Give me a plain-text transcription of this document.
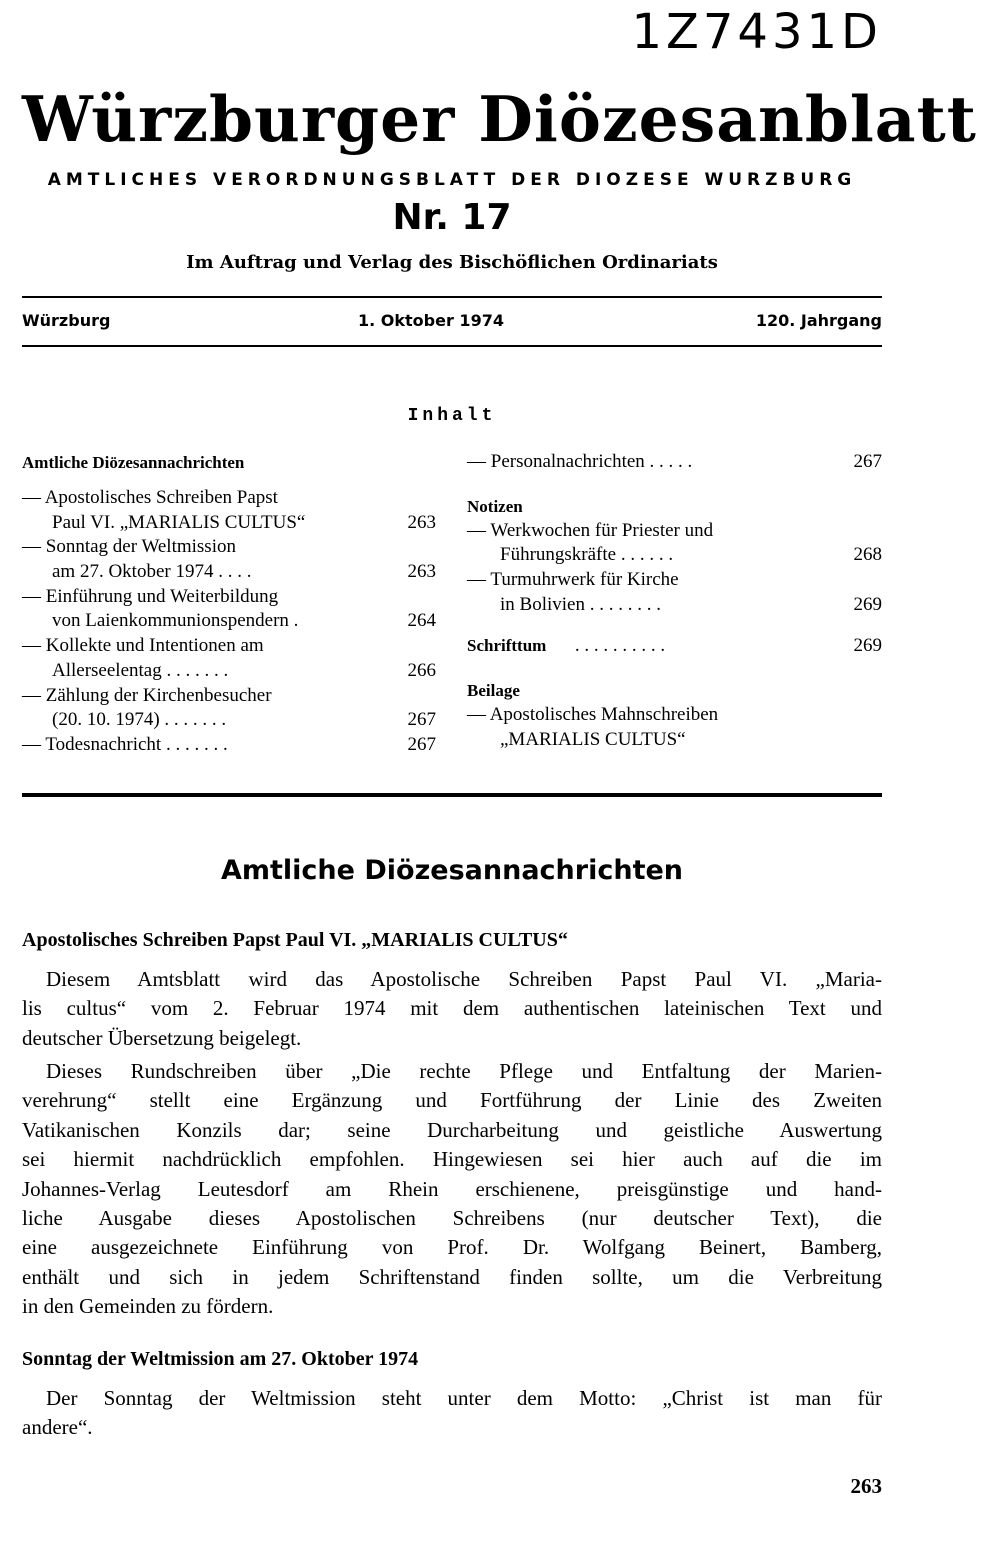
1Z7431D
Würzburger Diözesanblatt
AMTLICHES VERORDNUNGSBLATT DER DIOZESE WURZBURG
Nr. 17
Im Auftrag und Verlag des Bischöflichen Ordinariats
Würzburg	1. Oktober 1974	120. Jahrgang
Inhalt
Amtliche Diözesannachrichten
— Apostolisches Schreiben Papst
Paul VI. „MARIALIS CULTUS“	263
— Sonntag der Weltmission
am 27. Oktober 1974 . . . .	263
— Einführung und Weiterbildung
von Laienkommunionspendern .	264
— Kollekte und Intentionen am
Allerseelentag . . . . . . .	266
— Zählung der Kirchenbesucher
(20. 10. 1974) . . . . . . .	267
— Todesnachricht . . . . . . .	267
— Personalnachrichten . . . . .	267
Notizen
— Werkwochen für Priester und
Führungskräfte . . . . . .	268
— Turmuhrwerk für Kirche
in Bolivien . . . . . . . .	269
Schrifttum . . . . . . . . . .	269
Beilage
— Apostolisches Mahnschreiben
„MARIALIS CULTUS“
Amtliche Diözesannachrichten
Apostolisches Schreiben Papst Paul VI. „MARIALIS CULTUS“
Diesem Amtsblatt wird das Apostolische Schreiben Papst Paul VI. „Maria-
lis cultus“ vom 2. Februar 1974 mit dem authentischen lateinischen Text und
deutscher Übersetzung beigelegt.
Dieses Rundschreiben über „Die rechte Pflege und Entfaltung der Marien-
verehrung“ stellt eine Ergänzung und Fortführung der Linie des Zweiten
Vatikanischen Konzils dar; seine Durcharbeitung und geistliche Auswertung
sei hiermit nachdrücklich empfohlen. Hingewiesen sei hier auch auf die im
Johannes-Verlag Leutesdorf am Rhein erschienene, preisgünstige und hand-
liche Ausgabe dieses Apostolischen Schreibens (nur deutscher Text), die
eine ausgezeichnete Einführung von Prof. Dr. Wolfgang Beinert, Bamberg,
enthält und sich in jedem Schriftenstand finden sollte, um die Verbreitung
in den Gemeinden zu fördern.
Sonntag der Weltmission am 27. Oktober 1974
Der Sonntag der Weltmission steht unter dem Motto: „Christ ist man für
andere“.
263
